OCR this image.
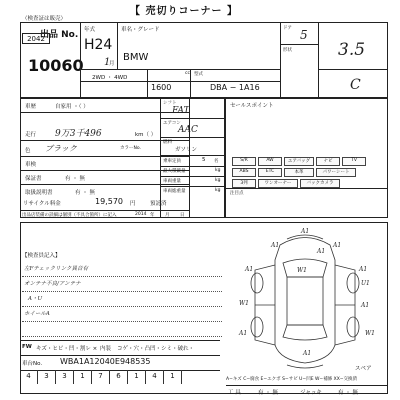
【 売切りコーナー 】
（検査証は販売）
出品 No.
2042
10060
年式
H24
1
月
車名・グレード
BMW
2WD ・ 4WD
1600
cc 型式
DBA − 1A16
ドア 5
形状	3.5
C
車歴	自家用 ・（ ）
走行 9万3千496	km（ ）
色 ブラック	カラーNo.
車検
保証書	有 ・ 無
取扱説明書	有 ・ 無
リサイクル料金	19,570 円	預託済
出品店装備の詳細は個別（不具合箇所）に記入	2014 年 月 日
シフト
FAT
エアコン
AAC
燃料
ガソリン
乗車定員	5 名
最大積載量	kg
車両重量	kg
車両総重量	kg
セールスポイント
S/R	AW	エアバッグ	ナビ	TV
ABS	ETC	本革	パワーシート
3列	ワンオーナー	バックカメラ
注目点
【検査員記入】
左Fチェックリンク異音有
オンテナ不良/アンテナ
A・U
ホイールA
A1
A1	A1
A1
W1
A1	A1
U1
W1	A1
A1	W1
A1
FW キズ・ヒビ・凹・割レ × 内装 コゲ・穴・凸凹・シミ・破れ・
車台No. WBA1A12040E948535
4	3	3	1	7	6	1	4	1	A−キズ C−腐食 E−エクボ S−サビ U−凹E W−補修 XX−交換済
スペア
工 具	有 ・ 無	ジャッキ	有 ・ 無
